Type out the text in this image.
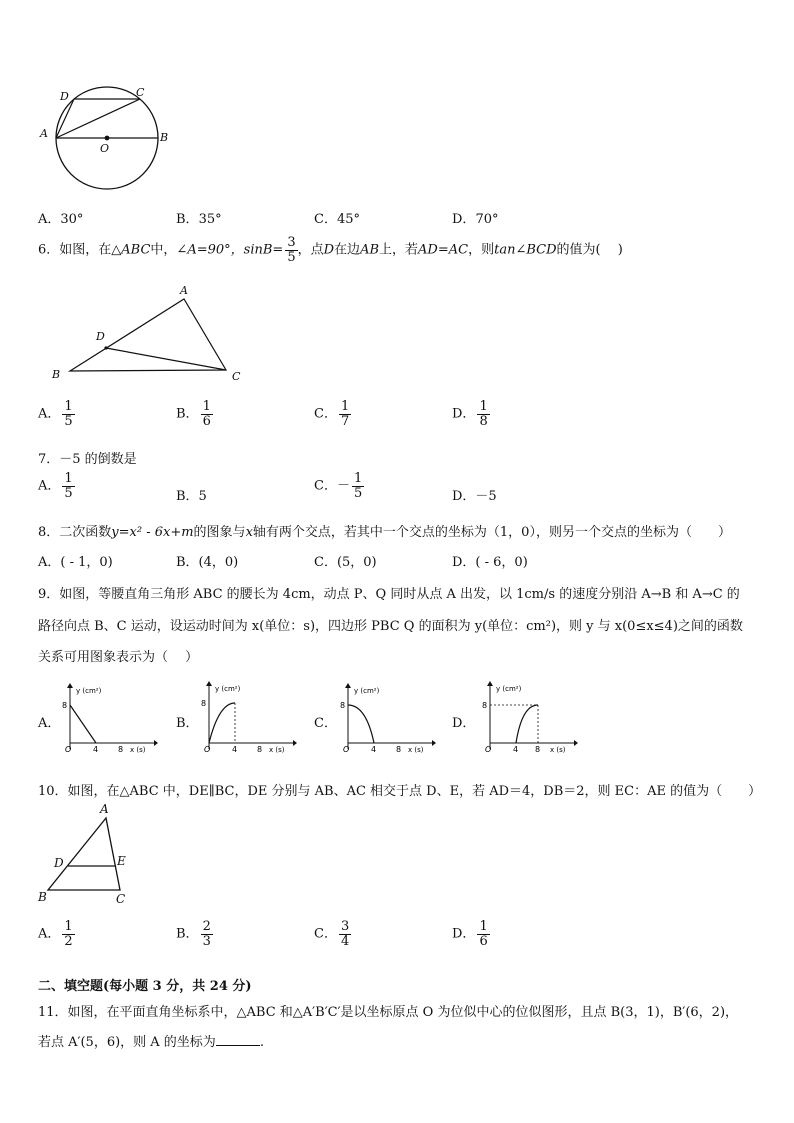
D	C
A	B
O
A．30°	B．35°	C．45°	D．70°
6．如图，在△ABC中，∠A=90°，$\sin B= \frac{3}{5}$ ，点D在边AB上，若AD=AC，则tan∠BCD的值为(　 )
A
D
B	C
A． $\frac{1}{5}$	B． $\frac{1}{6}$	C． $\frac{1}{7}$	D． $\frac{1}{8}$
7．－5 的倒数是
A． $\frac{1}{5}$	B．5
C．－ $\frac{1}{5}$	D．－5
8．二次函数y=x² - 6x+m的图象与x轴有两个交点，若其中一个交点的坐标为（1，0），则另一个交点的坐标为（　　）
A．( - 1，0)	B．(4，0)	C．(5，0)	D．( - 6，0)
9．如图，等腰直角三角形 ABC 的腰长为 4cm，动点 P、Q 同时从点 A 出发，以 1cm/s 的速度分别沿 A→B 和 A→C 的
路径向点 B、C 运动，设运动时间为 x(单位：s)，四边形 PBC Q 的面积为 y(单位：cm²)，则 y 与 x(0≤x≤4)之间的函数
关系可用图象表示为（　 ）
A．
y (cm²)
8
O	4 8 x (s)
B．
y (cm²)
8
O	4 8 x (s)
C．
y (cm²)
8
O	4 8 x (s)
D．
y (cm²)
8
O	4 8 x (s)
10．如图，在△ABC 中，DE∥BC，DE 分别与 AB、AC 相交于点 D、E，若 AD＝4，DB＝2，则 EC：AE 的值为（　　）
A
D	E
B	C
A． $\frac{1}{2}$	B． $\frac{2}{3}$	C． $\frac{3}{4}$	D． $\frac{1}{6}$
二、填空题(每小题 3 分，共 24 分)
11．如图，在平面直角坐标系中，△ABC 和△A′B′C′是以坐标原点 O 为位似中心的位似图形，且点 B(3，1)，B′(6，2)，
若点 A′(5，6)，则 A 的坐标为	.
